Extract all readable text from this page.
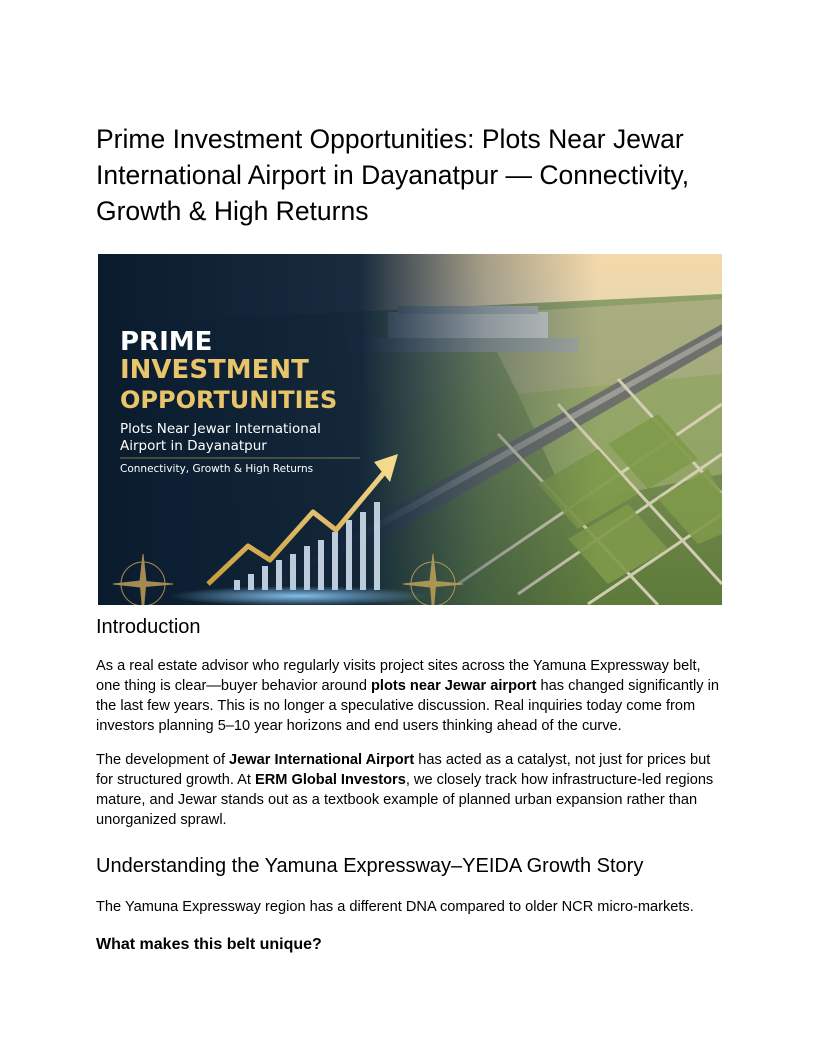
Prime Investment Opportunities: Plots Near Jewar International Airport in Dayanatpur — Connectivity, Growth & High Returns
PRIME
INVESTMENT
OPPORTUNITIES
Plots Near Jewar International
Airport in Dayanatpur
Connectivity, Growth & High Returns
Introduction

As a real estate advisor who regularly visits project sites across the Yamuna Expressway belt, one thing is clear—buyer behavior around plots near Jewar airport has changed significantly in the last few years. This is no longer a speculative discussion. Real inquiries today come from investors planning 5–10 year horizons and end users thinking ahead of the curve.

The development of Jewar International Airport has acted as a catalyst, not just for prices but for structured growth. At ERM Global Investors, we closely track how infrastructure-led regions mature, and Jewar stands out as a textbook example of planned urban expansion rather than unorganized sprawl.

Understanding the Yamuna Expressway–YEIDA Growth Story

The Yamuna Expressway region has a different DNA compared to older NCR micro-markets.

What makes this belt unique?
